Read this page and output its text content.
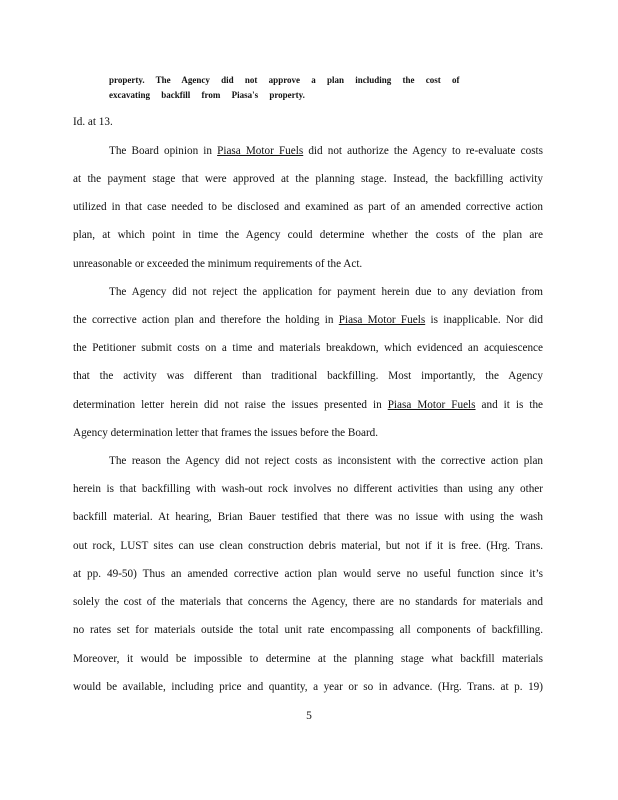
property. The Agency did not approve a plan including the cost of
excavating backfill from Piasa's property.
Id. at 13.
The Board opinion in Piasa Motor Fuels did not authorize the Agency to re-evaluate costs
at the payment stage that were approved at the planning stage. Instead, the backfilling activity
utilized in that case needed to be disclosed and examined as part of an amended corrective action
plan, at which point in time the Agency could determine whether the costs of the plan are
unreasonable or exceeded the minimum requirements of the Act.
The Agency did not reject the application for payment herein due to any deviation from
the corrective action plan and therefore the holding in Piasa Motor Fuels is inapplicable. Nor did
the Petitioner submit costs on a time and materials breakdown, which evidenced an acquiescence
that the activity was different than traditional backfilling. Most importantly, the Agency
determination letter herein did not raise the issues presented in Piasa Motor Fuels and it is the
Agency determination letter that frames the issues before the Board.
The reason the Agency did not reject costs as inconsistent with the corrective action plan
herein is that backfilling with wash-out rock involves no different activities than using any other
backfill material. At hearing, Brian Bauer testified that there was no issue with using the wash
out rock, LUST sites can use clean construction debris material, but not if it is free. (Hrg. Trans.
at pp. 49-50) Thus an amended corrective action plan would serve no useful function since it’s
solely the cost of the materials that concerns the Agency, there are no standards for materials and
no rates set for materials outside the total unit rate encompassing all components of backfilling.
Moreover, it would be impossible to determine at the planning stage what backfill materials
would be available, including price and quantity, a year or so in advance. (Hrg. Trans. at p. 19)
5
